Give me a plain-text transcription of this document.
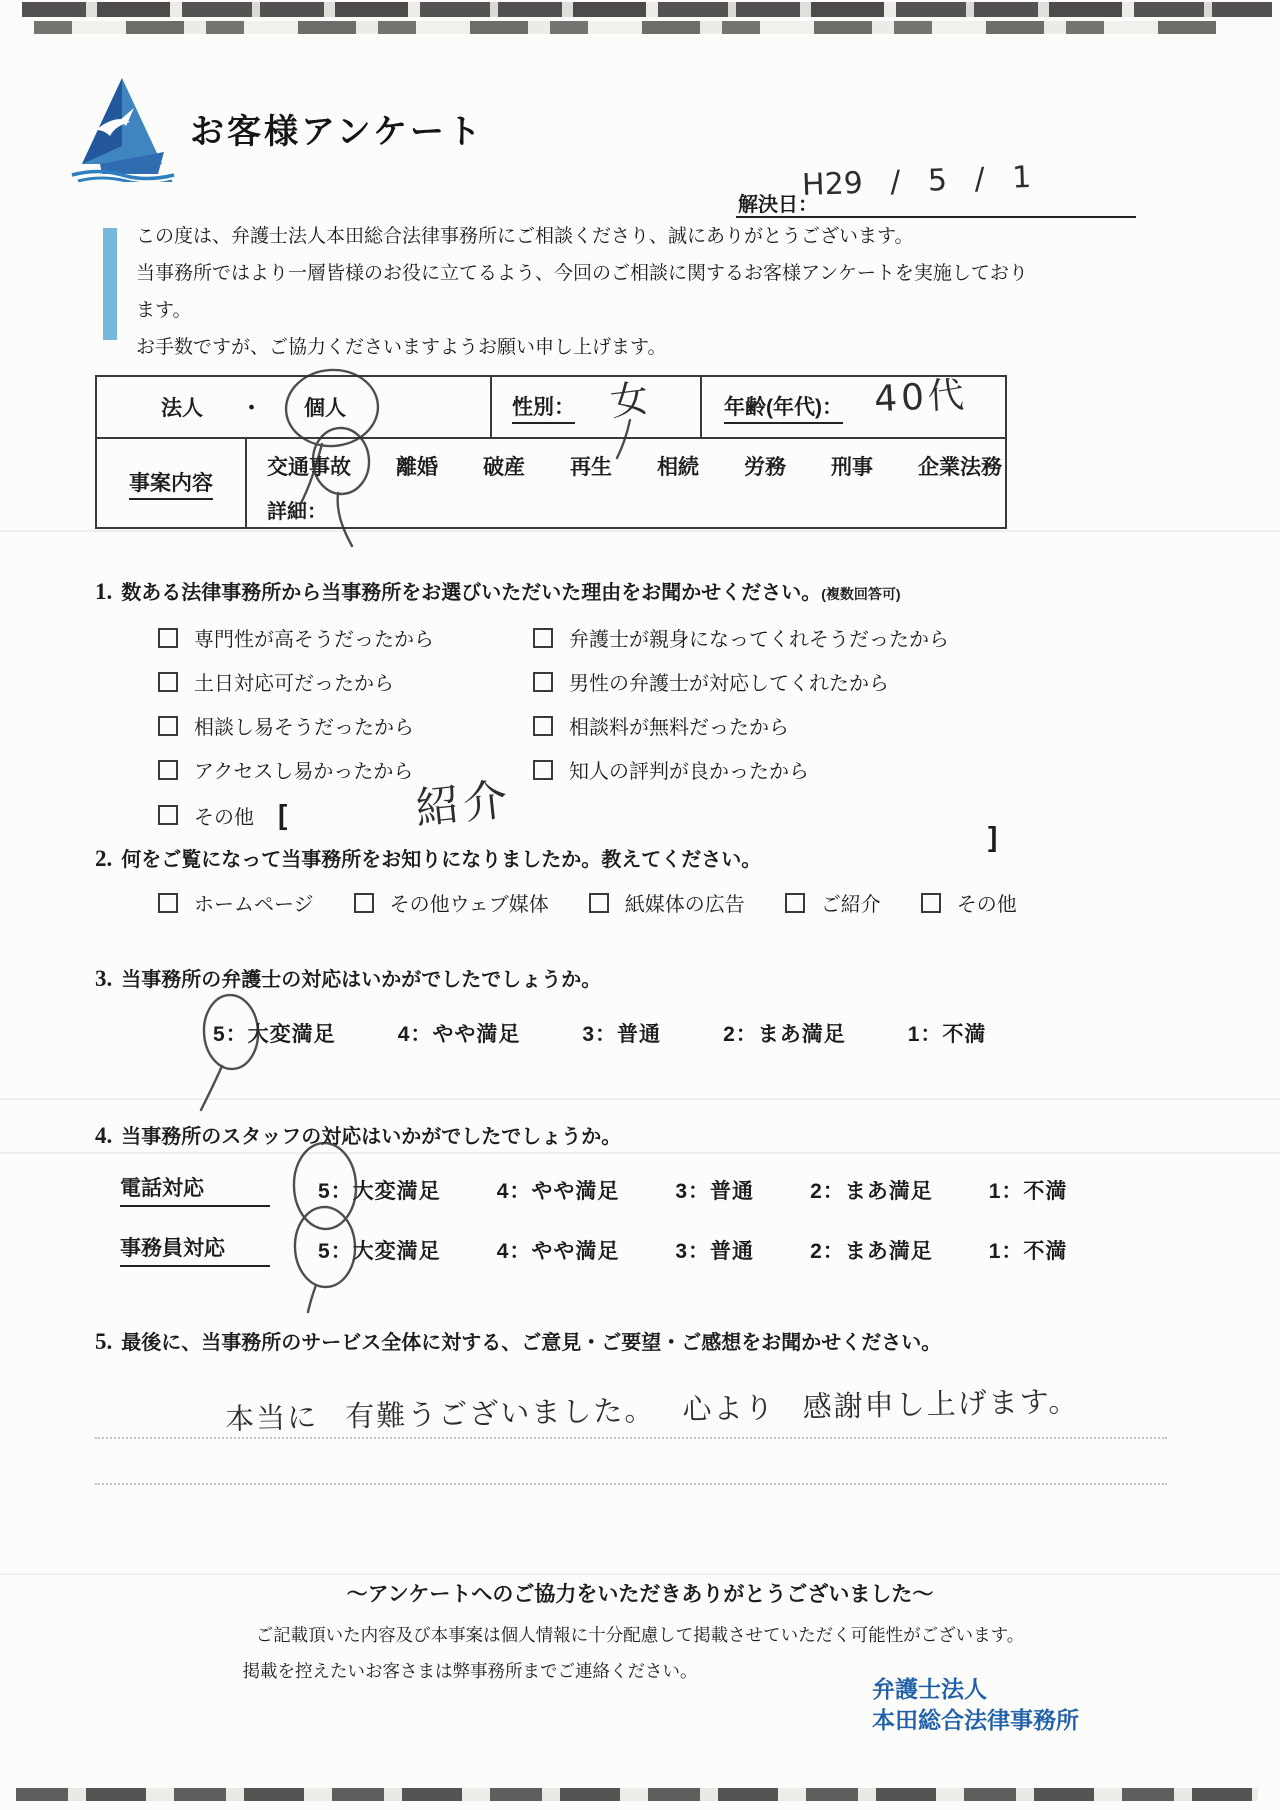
お客様アンケート
解決日：
H29 / 5 / 1

この度は、弁護士法人本田総合法律事務所にご相談くださり、誠にありがとうございます。

当事務所ではより一層皆様のお役に立てるよう、今回のご相談に関するお客様アンケートを実施しております。

お手数ですが、ご協力くださいますようお願い申し上げます。

法人 ・ 個人	性別： 女	年齢(年代)： 40代
事案内容
交通事故 離婚 破産 再生 相続 労務 刑事 企業法務
詳細：
1. 数ある法律事務所から当事務所をお選びいただいた理由をお聞かせください。(複数回答可)
専門性が高そうだったから	弁護士が親身になってくれそうだったから
土日対応可だったから	男性の弁護士が対応してくれたから
相談し易そうだったから	相談料が無料だったから
アクセスし易かったから	知人の評判が良かったから
その他 [
]
紹介
2. 何をご覧になって当事務所をお知りになりましたか。教えてください。
ホームページ	その他ウェブ媒体	紙媒体の広告	ご紹介	その他
3. 当事務所の弁護士の対応はいかがでしたでしょうか。
5：大変満足	4：やや満足	3：普通	2：まあ満足	1：不満
4. 当事務所のスタッフの対応はいかがでしたでしょうか。
電話対応	5：大変満足	4：やや満足	3：普通	2：まあ満足	1：不満
事務員対応	5：大変満足	4：やや満足	3：普通	2：まあ満足	1：不満
5. 最後に、当事務所のサービス全体に対する、ご意見・ご要望・ご感想をお聞かせください。
本当に 有難うございました。 心より 感謝申し上げます。
～アンケートへのご協力をいただきありがとうございました～
ご記載頂いた内容及び本事案は個人情報に十分配慮して掲載させていただく可能性がございます。
掲載を控えたいお客さまは弊事務所までご連絡ください。
弁護士法人
本田総合法律事務所
